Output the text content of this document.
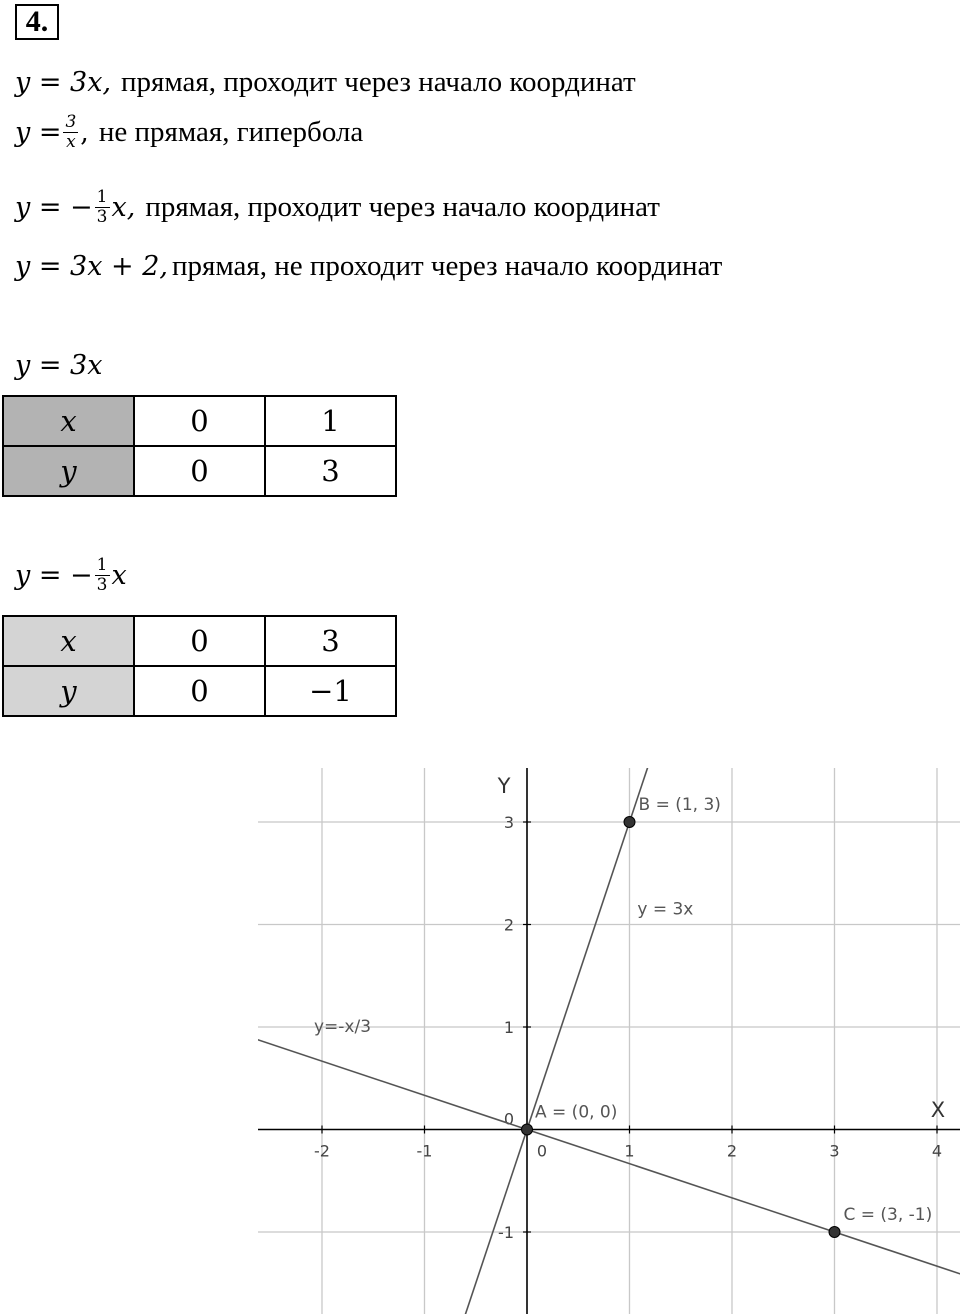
4.
y = 3x, прямая, проходит через начало координат
$y = \frac{3}{x}$ , не прямая, гипербола
y = − $\frac{1}{3} x$, прямая, проходит через начало координат
y = 3x + 2, прямая, не проходит через начало координат
y = 3x
x	0	1
y	0	3
y = − $\frac{1}{3}$ x
x	0	3
y	0	−1
-2	-1	0	1	2	3	4
-1
0
1
2
3
X
Y
y = 3x
y=-x/3
A = (0, 0)
B = (1, 3)
C = (3, -1)
